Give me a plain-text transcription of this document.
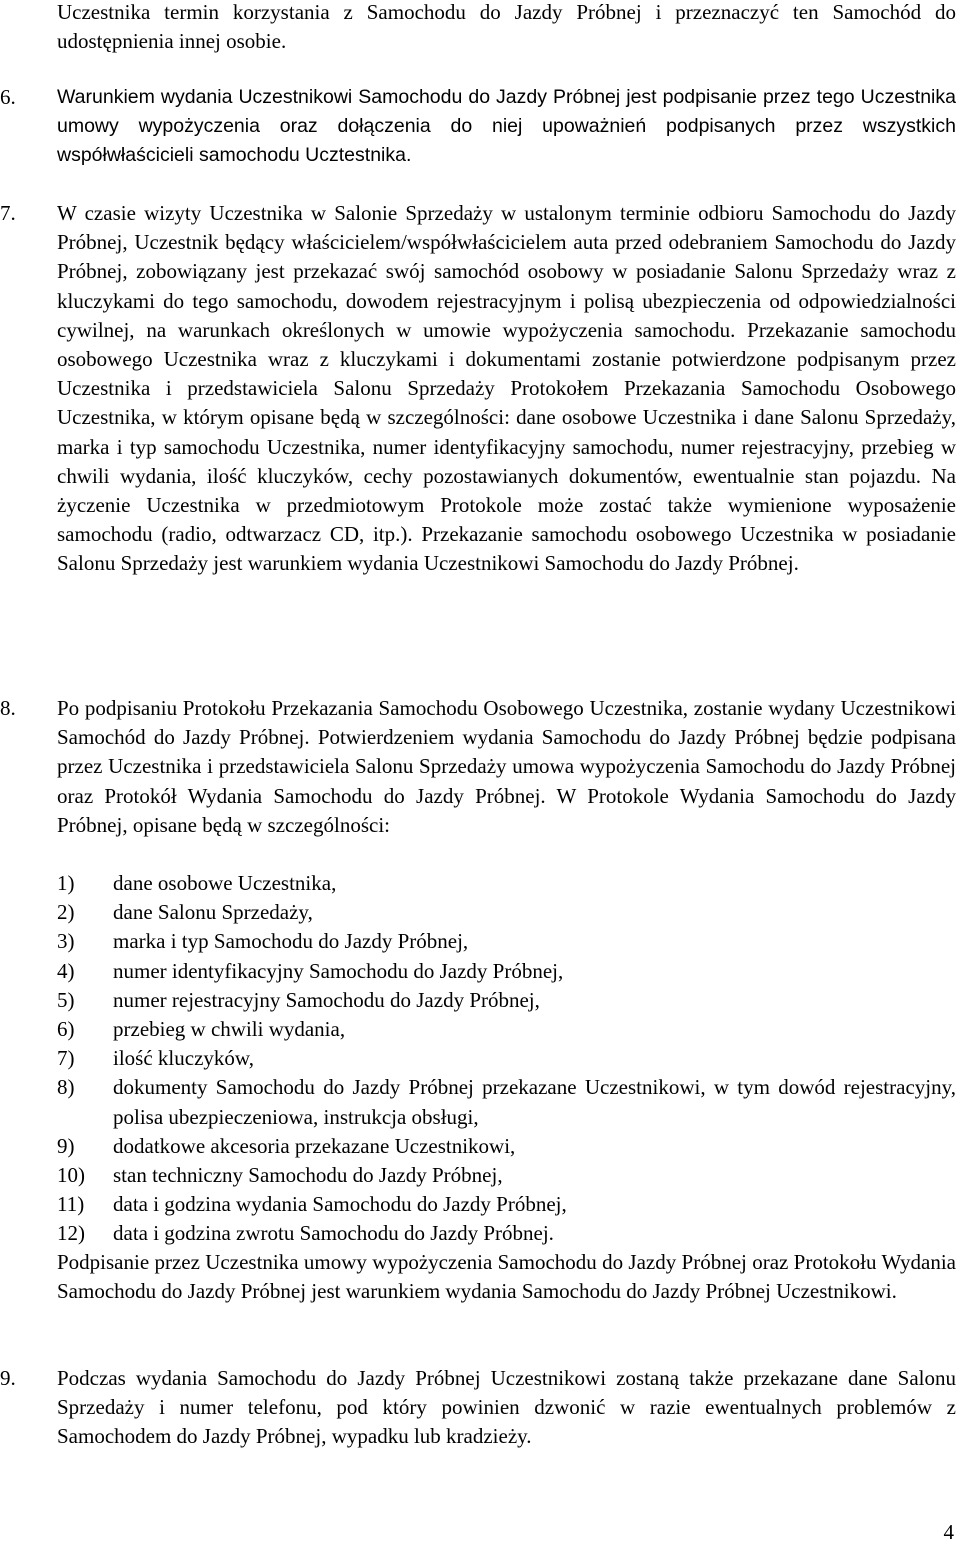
Uczestnika termin korzystania z Samochodu do Jazdy Próbnej i przeznaczyć ten Samochód do udostępnienia innej osobie.

6. Warunkiem wydania Uczestnikowi Samochodu do Jazdy Próbnej jest podpisanie przez tego Uczestnika umowy wypożyczenia oraz dołączenia do niej upoważnień podpisanych przez wszystkich współwłaścicieli samochodu Ucztestnika.

7. W czasie wizyty Uczestnika w Salonie Sprzedaży w ustalonym terminie odbioru Samochodu do Jazdy Próbnej, Uczestnik będący właścicielem/współwłaścicielem auta przed odebraniem Samochodu do Jazdy Próbnej, zobowiązany jest przekazać swój samochód osobowy w posiadanie Salonu Sprzedaży wraz z kluczykami do tego samochodu, dowodem rejestracyjnym i polisą ubezpieczenia od odpowiedzialności cywilnej, na warunkach określonych w umowie wypożyczenia samochodu. Przekazanie samochodu osobowego Uczestnika wraz z kluczykami i dokumentami zostanie potwierdzone podpisanym przez Uczestnika i przedstawiciela Salonu Sprzedaży Protokołem Przekazania Samochodu Osobowego Uczestnika, w którym opisane będą w szczególności: dane osobowe Uczestnika i dane Salonu Sprzedaży, marka i typ samochodu Uczestnika, numer identyfikacyjny samochodu, numer rejestracyjny, przebieg w chwili wydania, ilość kluczyków, cechy pozostawianych dokumentów, ewentualnie stan pojazdu. Na życzenie Uczestnika w przedmiotowym Protokole może zostać także wymienione wyposażenie samochodu (radio, odtwarzacz CD, itp.). Przekazanie samochodu osobowego Uczestnika w posiadanie Salonu Sprzedaży jest warunkiem wydania Uczestnikowi Samochodu do Jazdy Próbnej.

8. Po podpisaniu Protokołu Przekazania Samochodu Osobowego Uczestnika, zostanie wydany Uczestnikowi Samochód do Jazdy Próbnej. Potwierdzeniem wydania Samochodu do Jazdy Próbnej będzie podpisana przez Uczestnika i przedstawiciela Salonu Sprzedaży umowa wypożyczenia Samochodu do Jazdy Próbnej oraz Protokół Wydania Samochodu do Jazdy Próbnej. W Protokole Wydania Samochodu do Jazdy Próbnej, opisane będą w szczególności:

1) dane osobowe Uczestnika,
2) dane Salonu Sprzedaży,
3) marka i typ Samochodu do Jazdy Próbnej,
4) numer identyfikacyjny Samochodu do Jazdy Próbnej,
5) numer rejestracyjny Samochodu do Jazdy Próbnej,
6) przebieg w chwili wydania,
7) ilość kluczyków,
8) dokumenty Samochodu do Jazdy Próbnej przekazane Uczestnikowi, w tym dowód rejestracyjny, polisa ubezpieczeniowa, instrukcja obsługi,
9) dodatkowe akcesoria przekazane Uczestnikowi,
10) stan techniczny Samochodu do Jazdy Próbnej,
11) data i godzina wydania Samochodu do Jazdy Próbnej,
12) data i godzina zwrotu Samochodu do Jazdy Próbnej.

Podpisanie przez Uczestnika umowy wypożyczenia Samochodu do Jazdy Próbnej oraz Protokołu Wydania Samochodu do Jazdy Próbnej jest warunkiem wydania Samochodu do Jazdy Próbnej Uczestnikowi.

9. Podczas wydania Samochodu do Jazdy Próbnej Uczestnikowi zostaną także przekazane dane Salonu Sprzedaży i numer telefonu, pod który powinien dzwonić w razie ewentualnych problemów z Samochodem do Jazdy Próbnej, wypadku lub kradzieży.

4
